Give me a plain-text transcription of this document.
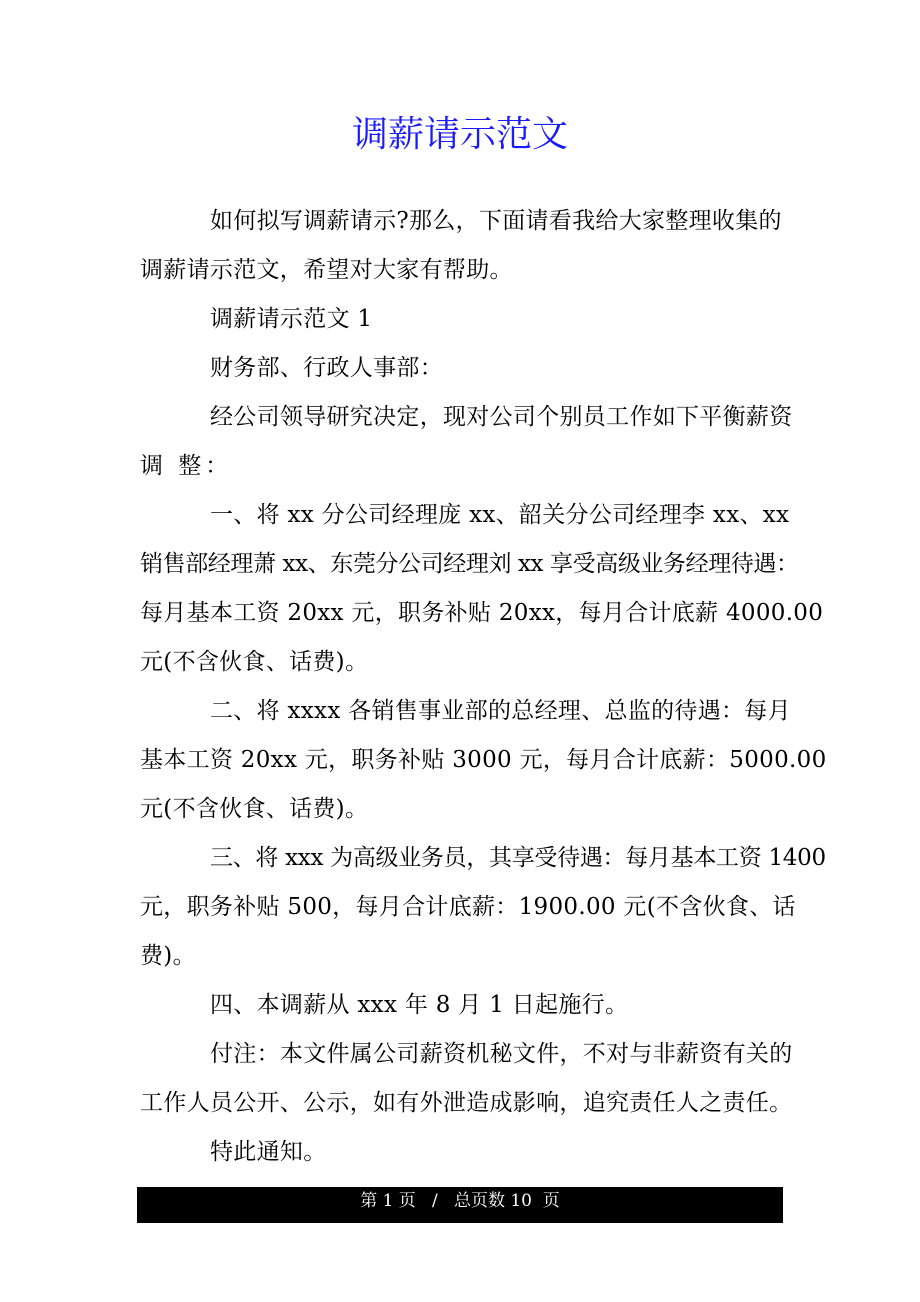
调薪请示范文
如何拟写调薪请示?那么，下面请看我给大家整理收集的
调薪请示范文，希望对大家有帮助。
调薪请示范文 1
财务部、行政人事部：
经公司领导研究决定，现对公司个别员工作如下平衡薪资
调 整：
一、将 xx 分公司经理庞 xx、韶关分公司经理李 xx、xx
销售部经理萧 xx、东莞分公司经理刘 xx 享受高级业务经理待遇：
每月基本工资 20xx 元，职务补贴 20xx，每月合计底薪 4000.00
元(不含伙食、话费)。
二、将 xxxx 各销售事业部的总经理、总监的待遇：每月
基本工资 20xx 元，职务补贴 3000 元，每月合计底薪：5000.00
元(不含伙食、话费)。
三、将 xxx 为高级业务员，其享受待遇：每月基本工资 1400
元，职务补贴 500，每月合计底薪：1900.00 元(不含伙食、话
费)。
四、本调薪从 xxx 年 8 月 1 日起施行。
付注：本文件属公司薪资机秘文件，不对与非薪资有关的
工作人员公开、公示，如有外泄造成影响，追究责任人之责任。
特此通知。
第 1 页   /   总页数 10  页
